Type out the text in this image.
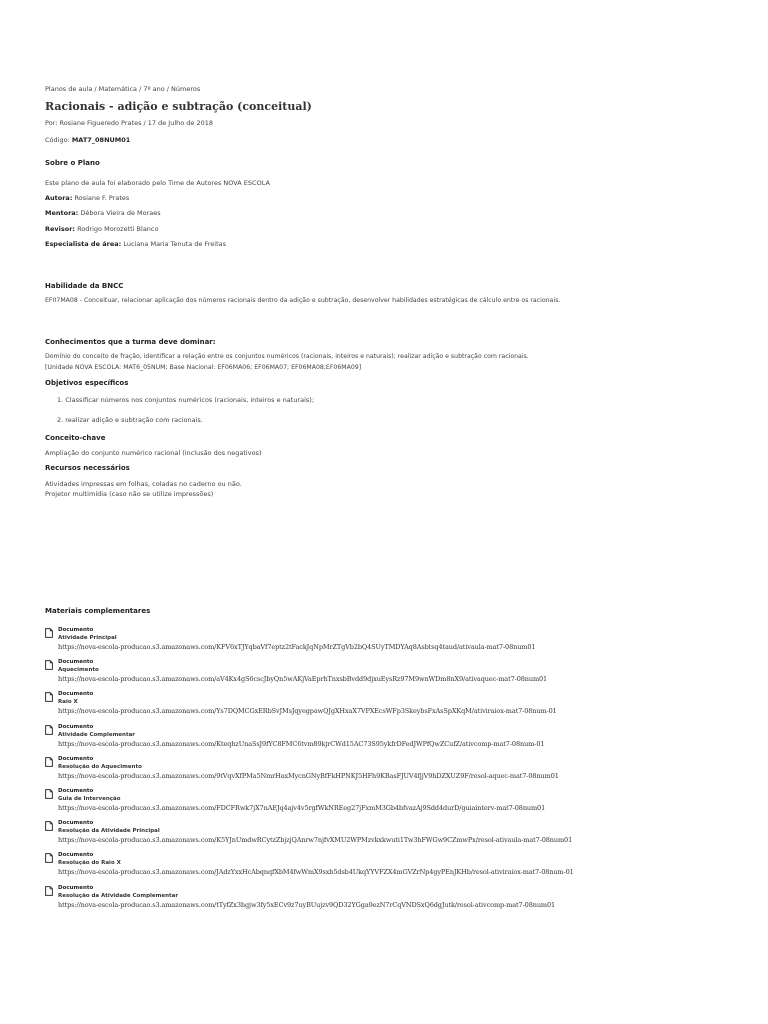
Planos de aula / Matemática / 7º ano / Números
Racionais - adição e subtração (conceitual)
Por: Rosiane Figueredo Prates / 17 de Julho de 2018
Código: MAT7_08NUM01
Sobre o Plano
Este plano de aula foi elaborado pelo Time de Autores NOVA ESCOLA
Autora: Rosiane F. Prates
Mentora: Débora Vieira de Moraes
Revisor: Rodrigo Morozetti Blanco
Especialista de área: Luciana Maria Tenuta de Freitas
Habilidade da BNCC
EF07MA08 - Conceituar, relacionar aplicação dos números racionais dentro da adição e subtração, desenvolver habilidades estratégicas de cálculo entre os racionais.
Conhecimentos que a turma deve dominar:
Domínio do conceito de fração, identificar a relação entre os conjuntos numéricos (racionais, inteiros e naturais); realizar adição e subtração com racionais.
[Unidade NOVA ESCOLA: MAT6_05NUM; Base Nacional: EF06MA06; EF06MA07; EF06MA08;EF06MA09]
Objetivos específicos
1. Classificar números nos conjuntos numéricos (racionais, inteiros e naturais);
2. realizar adição e subtração com racionais.
Conceito-chave
Ampliação do conjunto numérico racional (inclusão dos negativos)
Recursos necessários
Atividades impressas em folhas, coladas no caderno ou não.
Projetor multimídia (caso não se utilize impressões)
Materiais complementares
Documento
Atividade Principal
https://nova-escola-producao.s3.amazonaws.com/KFV6xTJYqbaVf7eptz2tFackJqNpMrZTgVb2bQ4SUyTMDYAq8Asbtsq4taud/ativaula-mat7-08num01
Documento
Aquecimento
https://nova-escola-producao.s3.amazonaws.com/aV4Kx4gS6cscJbyQn5wAKjVaEprhTnxsbBvdd9djxuEysRz97M9wnWDm8nX9/ativaquec-mat7-08num01
Documento
Raio X
https://nova-escola-producao.s3.amazonaws.com/Ys7DQMCGxERbSvJMsJqyegpawQJgXHxaX7VPXEcsWFp3SkeybsFxAsSpXKqM/ativiraiox-mat7-08num-01
Documento
Atividade Complementar
https://nova-escola-producao.s3.amazonaws.com/KteqhzUnaSsJ9fYC8FMC6tvm89kjrCWd15AC73S95ykfrDFedJWPfQwZCufZ/ativcomp-mat7-08num-01
Documento
Resolução do Aquecimento
https://nova-escola-producao.s3.amazonaws.com/9tVqvXfPMa5NmrHaxMycnGNyBfFkHPNKJ5HFh9KBasFJUV4fjjV9hDZXUZ9F/resol-aquec-mat7-08num01
Documento
Guia de Intervenção
https://nova-escola-producao.s3.amazonaws.com/FDCFRwk7jX7nAEJq4ajv4v5rgfWkNREeg27jFxmM3Gb4bfvazAj9Sdd4durD/guiainterv-mat7-08num01
Documento
Resolução da Atividade Principal
https://nova-escola-producao.s3.amazonaws.com/K5YJnUmdwRCytzZbjzjQAnrw7njfvXMU2WPMzvkxkwuti1Tw3hFWGw9CZmwPx/resol-ativaula-mat7-08num01
Documento
Resolução do Raio X
https://nova-escola-producao.s3.amazonaws.com/JAdzYxxHcAbqnqfXbM4fwWmX9sxb5dsb4UkqYYVFZX4mGVZrNp4gyPEnJKHb/resol-ativiraiox-mat7-08num-01
Documento
Resolução da Atividade Complementar
https://nova-escola-producao.s3.amazonaws.com/tTyfZx3hgjw3fy5xECv9z7uyBUujzv9QD32YGga9ezN7rCqVNDSxQ6dgJutk/resol-ativcomp-mat7-08num01
